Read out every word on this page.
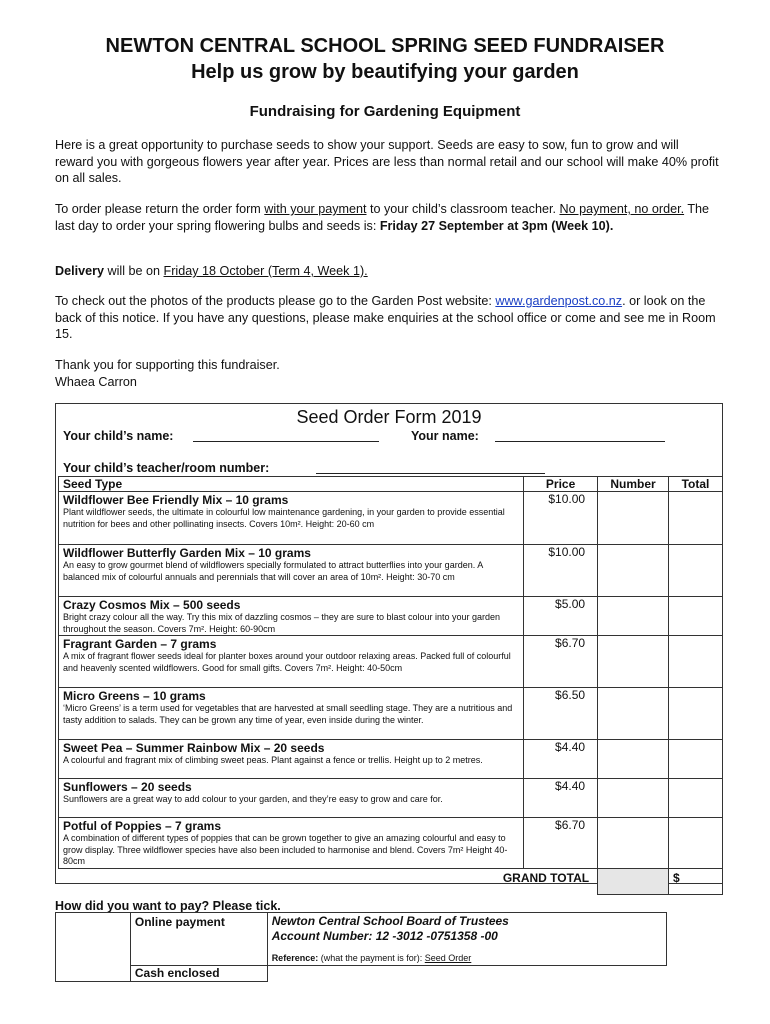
NEWTON CENTRAL SCHOOL SPRING SEED FUNDRAISER
Help us grow by beautifying your garden
Fundraising for Gardening Equipment

Here is a great opportunity to purchase seeds to show your support. Seeds are easy to sow, fun to grow and will reward you with gorgeous flowers year after year. Prices are less than normal retail and our school will make 40% profit on all sales.

To order please return the order form with your payment to your child’s classroom teacher. No payment, no order. The last day to order your spring flowering bulbs and seeds is: Friday 27 September at 3pm (Week 10).

Delivery will be on Friday 18 October (Term 4, Week 1).

To check out the photos of the products please go to the Garden Post website: www.gardenpost.co.nz. or look on the back of this notice. If you have any questions, please make enquiries at the school office or come and see me in Room 15.

Thank you for supporting this fundraiser.

Whaea Carron

Seed Order Form 2019
Your child’s name:	Your name:
Your child’s teacher/room number:
Seed Type	Price	Number	Total

Wildflower Bee Friendly Mix – 10 grams
Plant wildflower seeds, the ultimate in colourful low maintenance gardening, in your garden to provide essential nutrition for bees and other pollinating insects. Covers 10m². Height: 20-60 cm	$10.00		

Wildflower Butterfly Garden Mix – 10 grams
An easy to grow gourmet blend of wildflowers specially formulated to attract butterflies into your garden. A balanced mix of colourful annuals and perennials that will cover an area of 10m². Height: 30-70 cm	$10.00		

Crazy Cosmos Mix – 500 seeds
Bright crazy colour all the way. Try this mix of dazzling cosmos – they are sure to blast colour into your garden throughout the season. Covers 7m². Height: 60-90cm	$5.00		

Fragrant Garden – 7 grams
A mix of fragrant flower seeds ideal for planter boxes around your outdoor relaxing areas. Packed full of colourful and heavenly scented wildflowers. Good for small gifts. Covers 7m². Height: 40-50cm	$6.70		

Micro Greens – 10 grams
‘Micro Greens’ is a term used for vegetables that are harvested at small seedling stage. They are a nutritious and tasty addition to salads. They can be grown any time of year, even inside during the winter.	$6.50		

Sweet Pea – Summer Rainbow Mix – 20 seeds
A colourful and fragrant mix of climbing sweet peas. Plant against a fence or trellis. Height up to 2 metres.	$4.40		

Sunflowers – 20 seeds
Sunflowers are a great way to add colour to your garden, and they’re easy to grow and care for.	$4.40		

Potful of Poppies – 7 grams
A combination of different types of poppies that can be grown together to give an amazing colourful and easy to grow display. Three wildflower species have also been included to harmonise and blend. Covers 7m² Height 40-80cm	$6.70		
GRAND TOTAL			$
How did you want to pay? Please tick.
	Online payment	Newton Central School Board of Trustees
Account Number: 12 -3012 -0751358 -00
Reference: (what the payment is for): Seed Order

	Cash enclosed	
